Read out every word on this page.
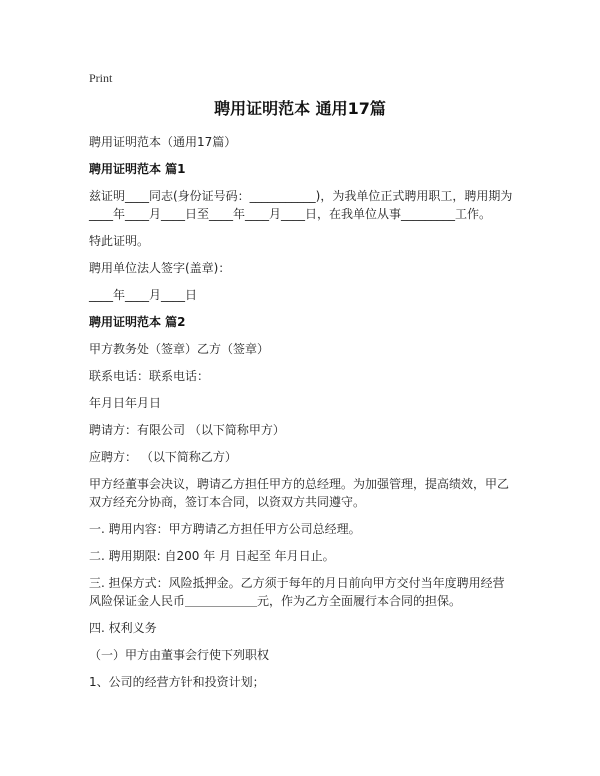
Print
聘用证明范本 通用17篇

聘用证明范本（通用17篇）

聘用证明范本 篇1

兹证明____同志(身份证号码：___________)，为我单位正式聘用职工，聘用期为____年____月____日至____年____月____日，在我单位从事_________工作。

特此证明。

聘用单位法人签字(盖章)：

____年____月____日

聘用证明范本 篇2

甲方教务处（签章）乙方（签章）

联系电话：联系电话：

年月日年月日

聘请方：有限公司 （以下简称甲方）

应聘方： （以下简称乙方）

甲方经董事会决议，聘请乙方担任甲方的总经理。为加强管理，提高绩效，甲乙双方经充分协商，签订本合同，以资双方共同遵守。

一. 聘用内容：甲方聘请乙方担任甲方公司总经理。

二. 聘用期限: 自200 年 月 日起至 年月日止。

三. 担保方式：风险抵押金。乙方须于每年的月日前向甲方交付当年度聘用经营风险保证金人民币＿＿＿＿＿＿元，作为乙方全面履行本合同的担保。

四. 权利义务

（一）甲方由董事会行使下列职权

1、公司的经营方针和投资计划；
